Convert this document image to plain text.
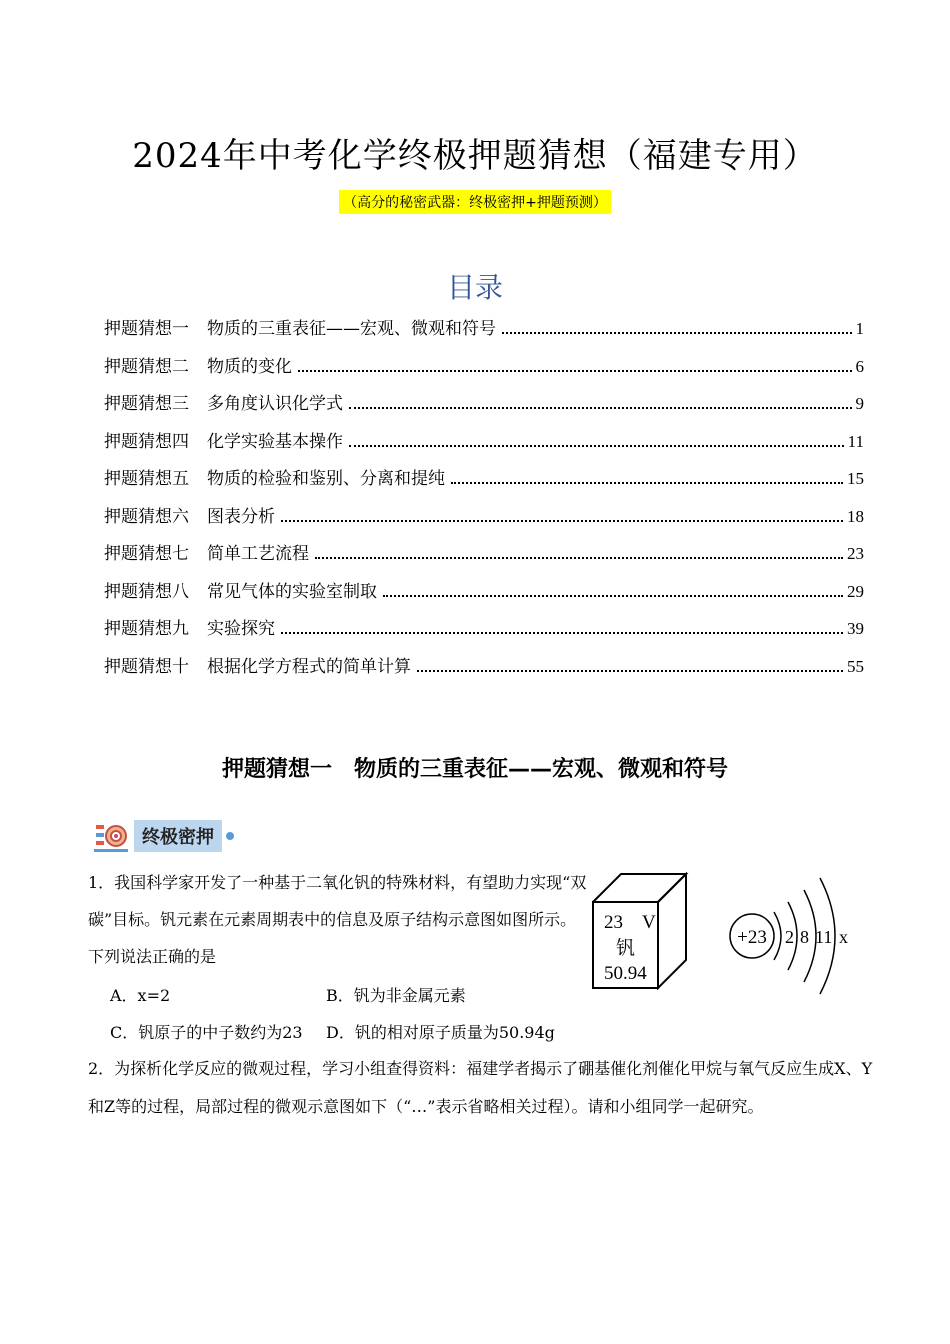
2024年中考化学终极押题猜想（福建专用）
（高分的秘密武器：终极密押+押题预测）
目录
押题猜想一 物质的三重表征——宏观、微观和符号	1
押题猜想二 物质的变化	6
押题猜想三 多角度认识化学式	9
押题猜想四 化学实验基本操作	11
押题猜想五 物质的检验和鉴别、分离和提纯	15
押题猜想六 图表分析	18
押题猜想七 简单工艺流程	23
押题猜想八 常见气体的实验室制取	29
押题猜想九 实验探究	39
押题猜想十 根据化学方程式的简单计算	55
押题猜想一　物质的三重表征——宏观、微观和符号
终极密押
1．我国科学家开发了一种基于二氧化钒的特殊材料，有望助力实现“双碳”目标。钒元素在元素周期表中的信息及原子结构示意图如图所示。下列说法正确的是
A．x=2	B．钒为非金属元素
C．钒原子的中子数约为23 D．钒的相对原子质量为50.94g
23 V
钒
50.94
+23 2 8 11 x
2．为探析化学反应的微观过程，学习小组查得资料：福建学者揭示了硼基催化剂催化甲烷与氧气反应生成X、Y和Z等的过程，局部过程的微观示意图如下（“…”表示省略相关过程）。请和小组同学一起研究。
